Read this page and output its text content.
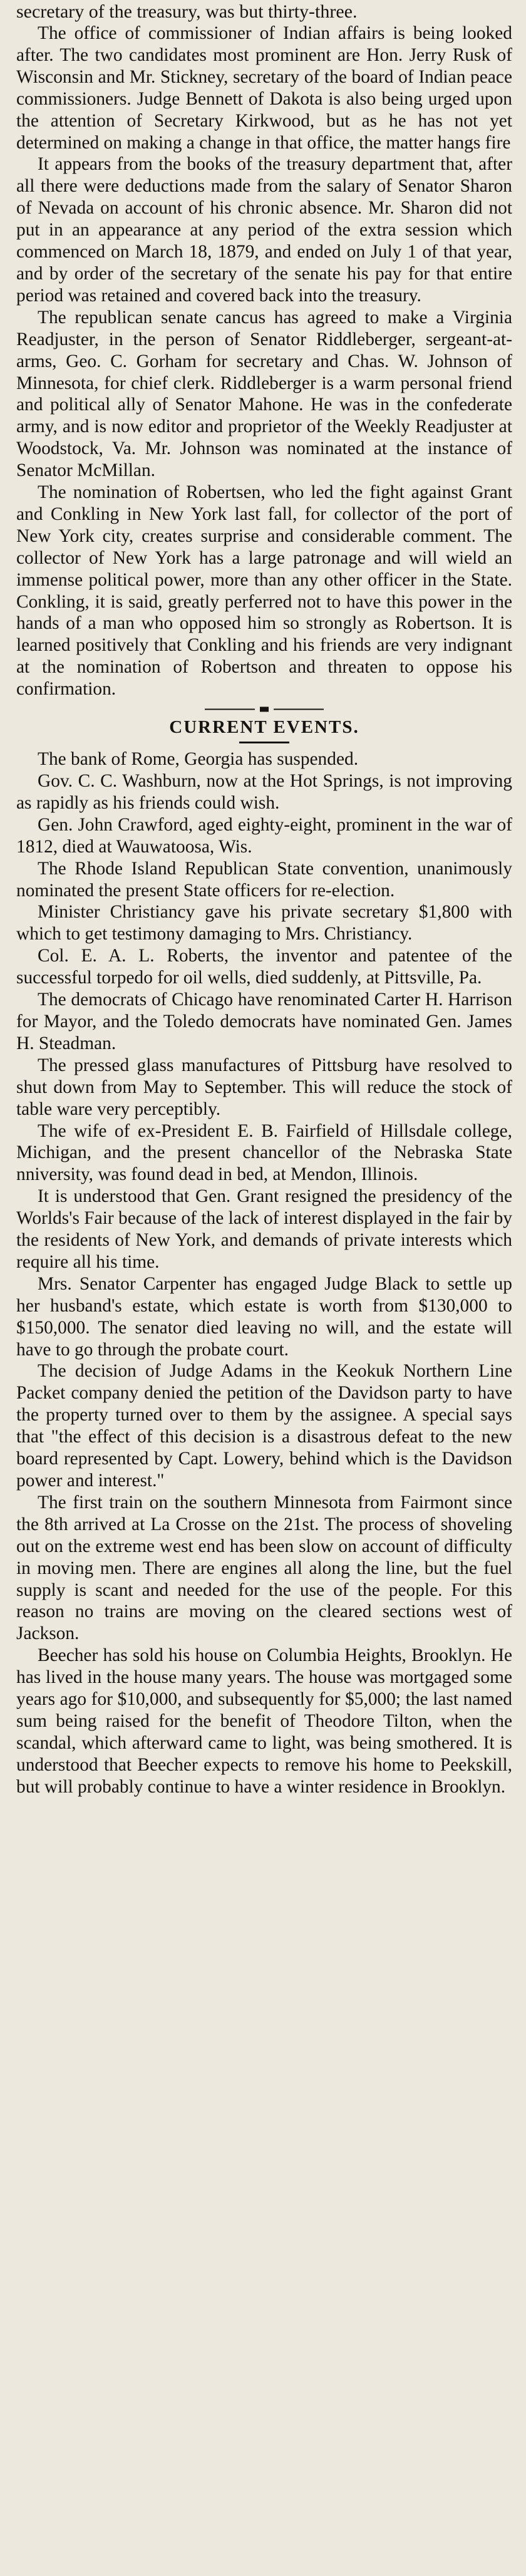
secretary of the treasury, was but thirty-three.

The office of commissioner of Indian affairs is being looked after. The two candidates most prominent are Hon. Jerry Rusk of Wisconsin and Mr. Stickney, secretary of the board of Indian peace commissioners. Judge Bennett of Dakota is also being urged upon the attention of Secretary Kirkwood, but as he has not yet determined on making a change in that office, the matter hangs fire

It appears from the books of the treasury department that, after all there were deductions made from the salary of Senator Sharon of Nevada on account of his chronic absence. Mr. Sharon did not put in an appearance at any period of the extra session which commenced on March 18, 1879, and ended on July 1 of that year, and by order of the secretary of the senate his pay for that entire period was retained and covered back into the treasury.

The republican senate cancus has agreed to make a Virginia Readjuster, in the person of Senator Riddleberger, sergeant-at-arms, Geo. C. Gorham for secretary and Chas. W. Johnson of Minnesota, for chief clerk. Riddleberger is a warm personal friend and political ally of Senator Mahone. He was in the confederate army, and is now editor and proprietor of the Weekly Readjuster at Woodstock, Va. Mr. Johnson was nominated at the instance of Senator McMillan.

The nomination of Robertsen, who led the fight against Grant and Conkling in New York last fall, for collector of the port of New York city, creates surprise and considerable comment. The collector of New York has a large patronage and will wield an immense political power, more than any other officer in the State. Conkling, it is said, greatly perferred not to have this power in the hands of a man who opposed him so strongly as Robertson. It is learned positively that Conkling and his friends are very indignant at the nomination of Robertson and threaten to oppose his confirmation.

CURRENT EVENTS.

The bank of Rome, Georgia has suspended.

Gov. C. C. Washburn, now at the Hot Springs, is not improving as rapidly as his friends could wish.

Gen. John Crawford, aged eighty-eight, prominent in the war of 1812, died at Wauwatoosa, Wis.

The Rhode Island Republican State convention, unanimously nominated the present State officers for re-election.

Minister Christiancy gave his private secretary $1,800 with which to get testimony damaging to Mrs. Christiancy.

Col. E. A. L. Roberts, the inventor and patentee of the successful torpedo for oil wells, died suddenly, at Pittsville, Pa.

The democrats of Chicago have renominated Carter H. Harrison for Mayor, and the Toledo democrats have nominated Gen. James H. Steadman.

The pressed glass manufactures of Pittsburg have resolved to shut down from May to September. This will reduce the stock of table ware very perceptibly.

The wife of ex-President E. B. Fairfield of Hillsdale college, Michigan, and the present chancellor of the Nebraska State nniversity, was found dead in bed, at Mendon, Illinois.

It is understood that Gen. Grant resigned the presidency of the Worlds's Fair because of the lack of interest displayed in the fair by the residents of New York, and demands of private interests which require all his time.

Mrs. Senator Carpenter has engaged Judge Black to settle up her husband's estate, which estate is worth from $130,000 to $150,000. The senator died leaving no will, and the estate will have to go through the probate court.

The decision of Judge Adams in the Keokuk Northern Line Packet company denied the petition of the Davidson party to have the property turned over to them by the assignee. A special says that "the effect of this decision is a disastrous defeat to the new board represented by Capt. Lowery, behind which is the Davidson power and interest."

The first train on the southern Minnesota from Fairmont since the 8th arrived at La Crosse on the 21st. The process of shoveling out on the extreme west end has been slow on account of difficulty in moving men. There are engines all along the line, but the fuel supply is scant and needed for the use of the people. For this reason no trains are moving on the cleared sections west of Jackson.

Beecher has sold his house on Columbia Heights, Brooklyn. He has lived in the house many years. The house was mortgaged some years ago for $10,000, and subsequently for $5,000; the last named sum being raised for the benefit of Theodore Tilton, when the scandal, which afterward came to light, was being smothered. It is understood that Beecher expects to remove his home to Peekskill, but will probably continue to have a winter residence in Brooklyn.
